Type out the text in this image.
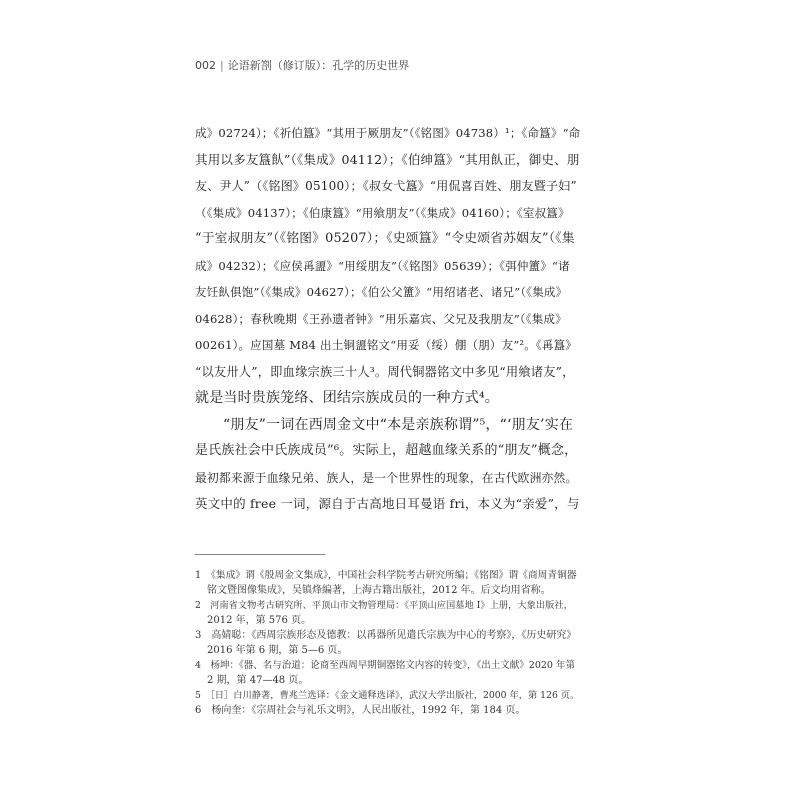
002 | 论语新劄（修订版）：孔学的历史世界
成》02724）；《祈伯簋》“其用于厥朋友”（《铭图》04738）¹；《命簋》“命
其用以多友簋飤”（《集成》04112）；《伯绅簋》“其用飤正，御史、朋
友、尹人”（《铭图》05100）；《叔女弋簋》“用侃喜百姓、朋友暨子妇”
（《集成》04137）；《伯康簋》“用飨朋友”（《集成》04160）；《室叔簋》
“于室叔朋友”（《铭图》05207）；《史颂簋》“令史颂省苏姻友”（《集
成》04232）；《应侯爯盨》“用绥朋友”（《铭图》05639）；《弭仲簠》“诸
友饪飤俱饱”（《集成》04627）；《伯公父簠》“用绍诸老、诸兄”（《集成》
04628）；春秋晚期《王孙遗者钟》“用乐嘉宾、父兄及我朋友”（《集成》
00261）。应国墓 M84 出土铜盨铭文“用妥（绥）倗（朋）友”²。《爯簋》
“以友卅人”，即血缘宗族三十人³。周代铜器铭文中多见“用飨诸友”，
就是当时贵族笼络、团结宗族成员的一种方式⁴。
“朋友”一词在西周金文中“本是亲族称谓”⁵，“‘朋友’实在
是氏族社会中氏族成员”⁶。实际上，超越血缘关系的“朋友”概念，
最初都来源于血缘兄弟、族人，是一个世界性的现象，在古代欧洲亦然。
英文中的 free 一词，源自于古高地日耳曼语 fri，本义为“亲爱”，与
1　《集成》谓《殷周金文集成》，中国社会科学院考古研究所编；《铭图》谓《商周青铜器
铭文暨图像集成》，吴镇烽编著，上海古籍出版社，2012 年。后文均用省称。
2　河南省文物考古研究所、平顶山市文物管理局：《平顶山应国墓地 I》上册，大象出版社，
2012 年，第 576 页。
3　高婧聪：《西周宗族形态及德教：以爯器所见遣氏宗族为中心的考察》，《历史研究》
2016 年第 6 期，第 5—6 页。
4　杨坤：《器、名与治道：论商至西周早期铜器铭文内容的转变》，《出土文献》2020 年第
2 期，第 47—48 页。
5　［日］白川静著，曹兆兰选译：《金文通释选译》，武汉大学出版社，2000 年，第 126 页。
6　杨向奎：《宗周社会与礼乐文明》，人民出版社，1992 年，第 184 页。
